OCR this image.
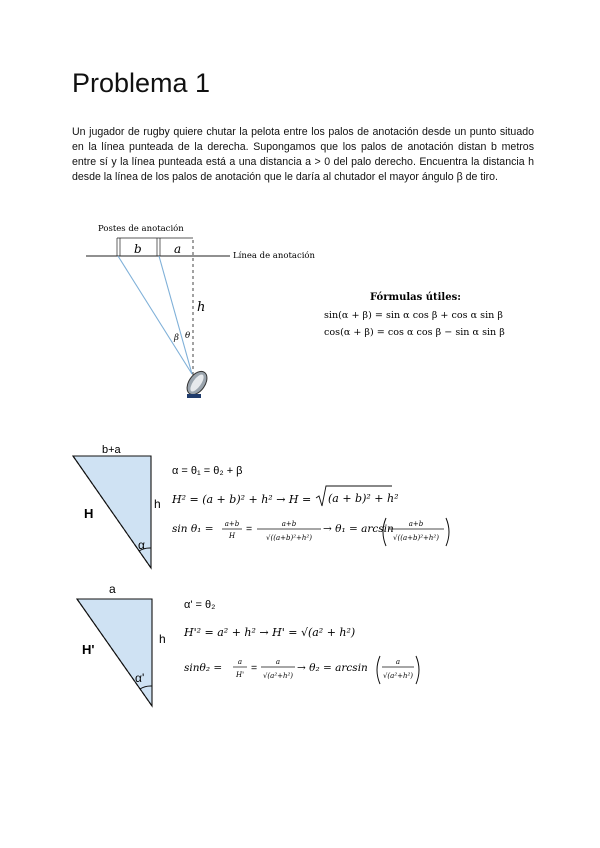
Problema 1

Un jugador de rugby quiere chutar la pelota entre los palos de anotación desde un punto situado en la línea punteada de la derecha. Supongamos que los palos de anotación distan b metros entre sí y la línea punteada está a una distancia a > 0 del palo derecho. Encuentra la distancia h desde la línea de los palos de anotación que le daría al chutador el mayor ángulo β de tiro.

Postes de anotación
b	a	Línea de anotación
h
β θ
Fórmulas útiles:
sin(α + β) = sin α cos β + cos α sin β
cos(α + β) = cos α cos β − sin α sin β
b+a
H
h
α
α = θ₁ = θ₂ + β
H² = (a + b)² + h² → H = (a + b)² + h²
sin θ₁ = a+b
H
=	a+b
√((a+b)²+h²)
→ θ₁ = arcsin a+b
√((a+b)²+h²)
a
H'
h
α'
α' = θ₂
H'² = a² + h² → H' = √(a² + h²)
sinθ₂ = a
H'
=	a
√(a²+h²)
→ θ₂ = arcsin	a
√(a²+h²)
